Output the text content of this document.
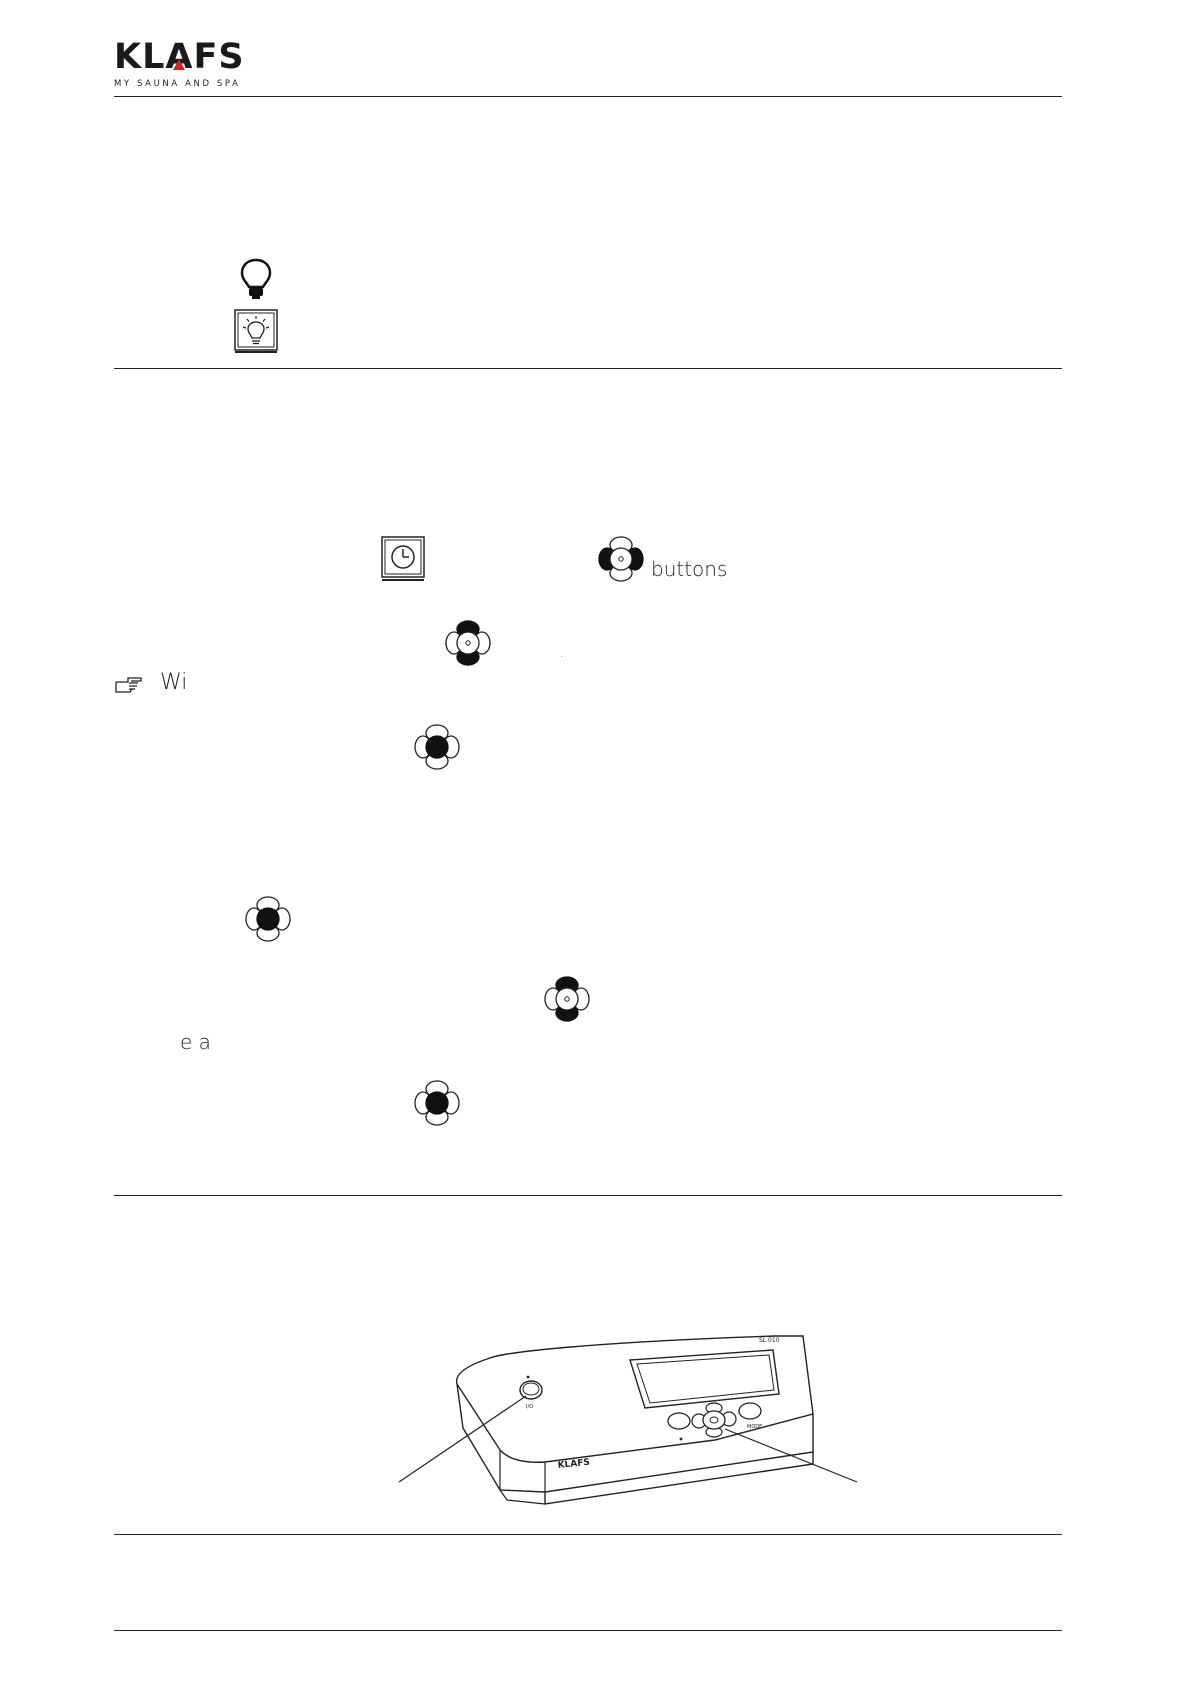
KLAFS
MY SAUNA AND SPA
buttons
.
Wi
e a
SL 010
I/O
MODE
KLAFS
